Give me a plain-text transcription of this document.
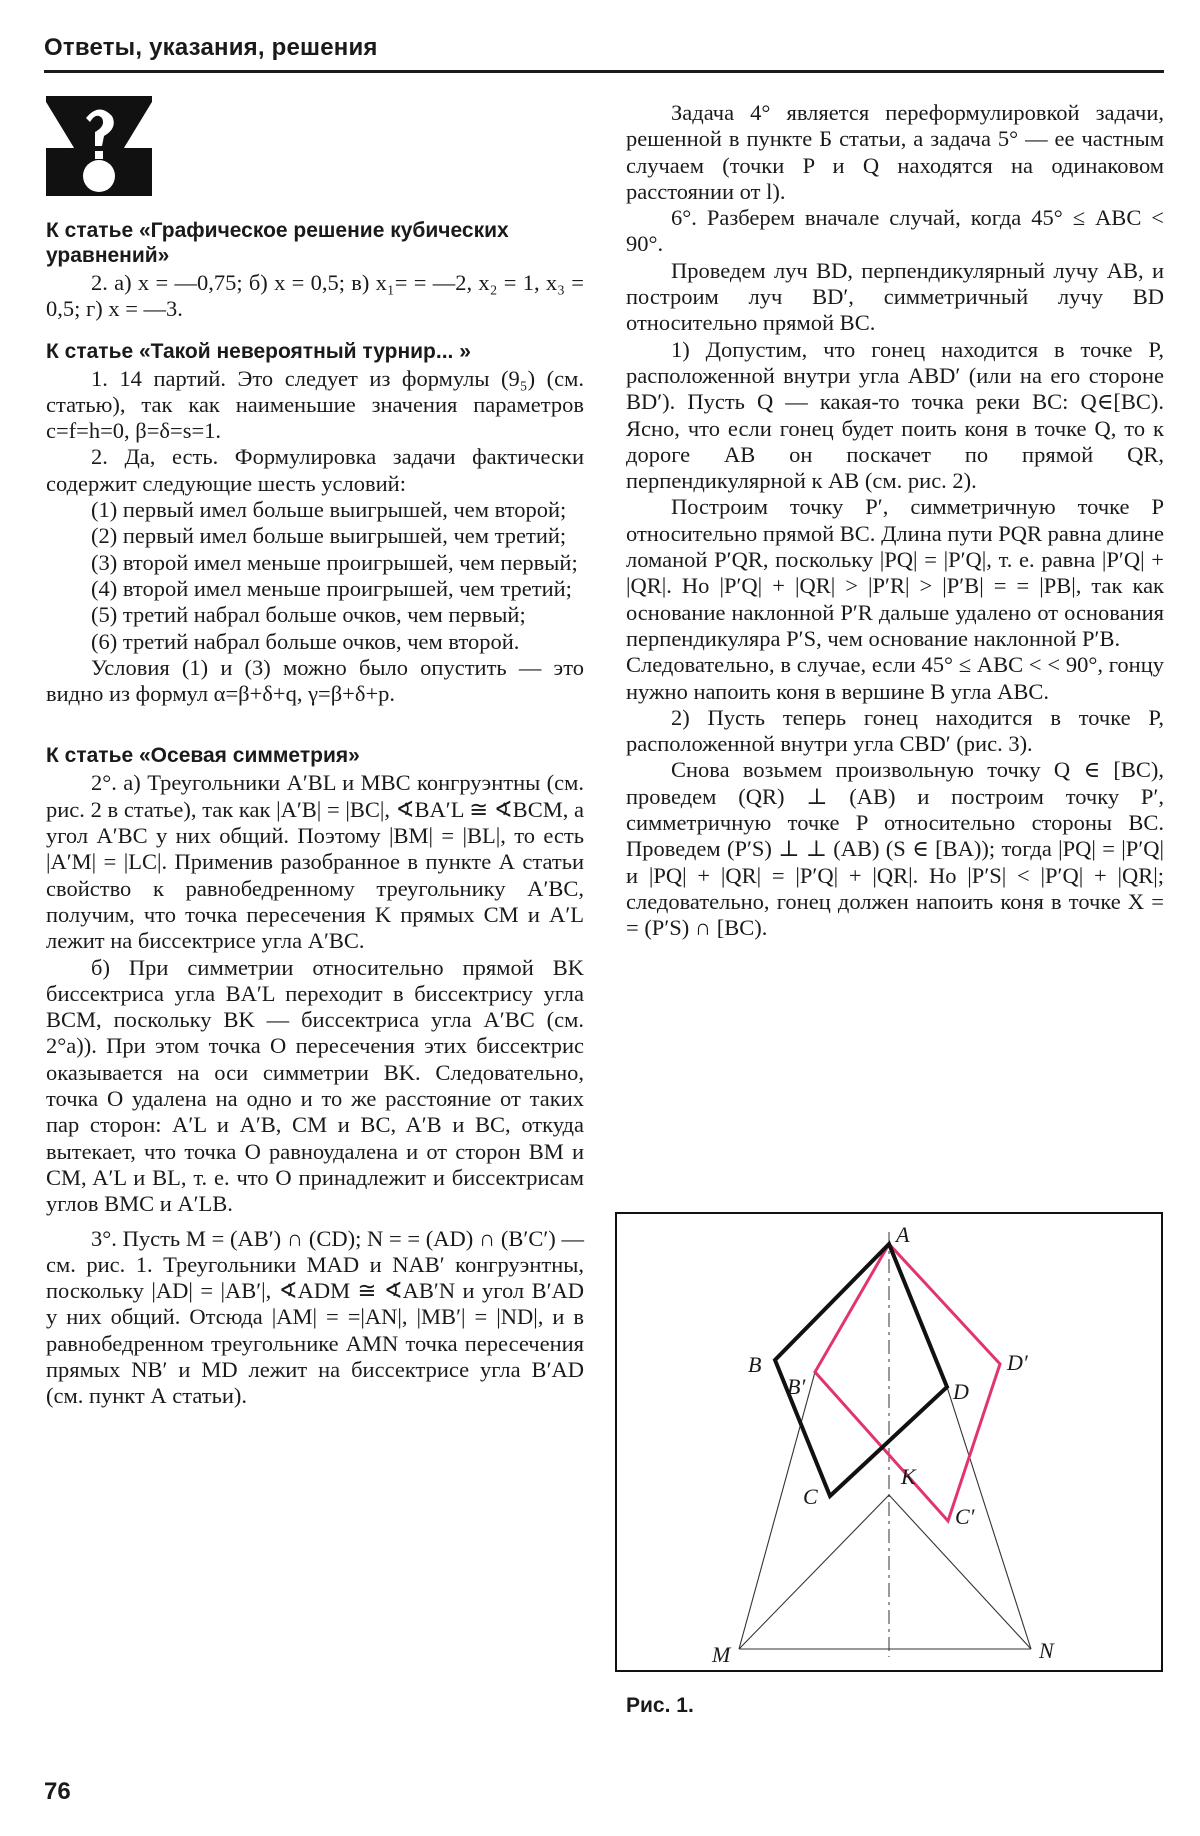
Ответы, указания, решения
К статье «Графическое решение кубических уравнений»

2. а) x = —0,75; б) x = 0,5; в) x₁= = —2, x₂ = 1, x₃ = 0,5; г) x = —3.

К статье «Такой невероятный турнир... »

1. 14 партий. Это следует из формулы (9₅) (см. статью), так как наименьшие значения параметров c=f=h=0, β=δ=s=1.

2. Да, есть. Формулировка задачи фактически содержит следующие шесть условий:

(1) первый имел больше выигрышей, чем второй;

(2) первый имел больше выигрышей, чем третий;

(3) второй имел меньше проигрышей, чем первый;

(4) второй имел меньше проигрышей, чем третий;

(5) третий набрал больше очков, чем первый;

(6) третий набрал больше очков, чем второй.

Условия (1) и (3) можно было опустить — это видно из формул α=β+δ+q, γ=β+δ+p.

К статье «Осевая симметрия»

2°. а) Треугольники A′BL и MBC конгруэнтны (см. рис. 2 в статье), так как |A′B| = |BC|, ∢BA′L ≅ ∢BCM, а угол A′BC у них общий. Поэтому |BM| = |BL|, то есть |A′M| = |LC|. Применив разобранное в пункте А статьи свойство к равнобедренному треугольнику A′BC, получим, что точка пересечения K прямых CM и A′L лежит на биссектрисе угла A′BC.

б) При симметрии относительно прямой BK биссектриса угла BA′L переходит в биссектрису угла BCM, поскольку BK — биссектриса угла A′BC (см. 2°а)). При этом точка O пересечения этих биссектрис оказывается на оси симметрии BK. Следовательно, точка O удалена на одно и то же расстояние от таких пар сторон: A′L и A′B, CM и BC, A′B и BC, откуда вытекает, что точка O равноудалена и от сторон BM и CM, A′L и BL, т. е. что O принадлежит и биссектрисам углов BMC и A′LB.

3°. Пусть M = (AB′) ∩ (CD); N = = (AD) ∩ (B′C′) — см. рис. 1. Треугольники MAD и NAB′ конгруэнтны, поскольку |AD| = |AB′|, ∢ADM ≅ ∢AB′N и угол B′AD у них общий. Отсюда |AM| = =|AN|, |MB′| = |ND|, и в равнобедренном треугольнике AMN точка пересечения прямых NB′ и MD лежит на биссектрисе угла B′AD (см. пункт А статьи).

Задача 4° является переформулировкой задачи, решенной в пункте Б статьи, а задача 5° — ее частным случаем (точки P и Q находятся на одинаковом расстоянии от l).

6°. Разберем вначале случай, когда 45° ≤ ABC < 90°.

Проведем луч BD, перпендикулярный лучу AB, и построим луч BD′, симметричный лучу BD относительно прямой BC.

1) Допустим, что гонец находится в точке P, расположенной внутри угла ABD′ (или на его стороне BD′). Пусть Q — какая-то точка реки BC: Q∈[BC). Ясно, что если гонец будет поить коня в точке Q, то к дороге AB он поскачет по прямой QR, перпендикулярной к AB (см. рис. 2).

Построим точку P′, симметричную точке P относительно прямой BC. Длина пути PQR равна длине ломаной P′QR, поскольку |PQ| = |P′Q|, т. е. равна |P′Q| + |QR|. Но |P′Q| + |QR| > |P′R| > |P′B| = = |PB|, так как основание наклонной P′R дальше удалено от основания перпендикуляра P′S, чем основание наклонной P′B.

Следовательно, в случае, если 45° ≤ ABC < < 90°, гонцу нужно напоить коня в вершине B угла ABC.

2) Пусть теперь гонец находится в точке P, расположенной внутри угла CBD′ (рис. 3).

Снова возьмем произвольную точку Q ∈ [BC), проведем (QR) ⊥ (AB) и построим точку P′, симметричную точке P относительно стороны BC. Проведем (P′S) ⊥ ⊥ (AB) (S ∈ [BA)); тогда |PQ| = |P′Q| и |PQ| + |QR| = |P′Q| + |QR|. Но |P′S| < |P′Q| + |QR|; следовательно, гонец должен напоить коня в точке X = = (P′S) ∩ [BC).

A
B
B′
C
C′
D
D′
K
M	N
Рис. 1.
76
